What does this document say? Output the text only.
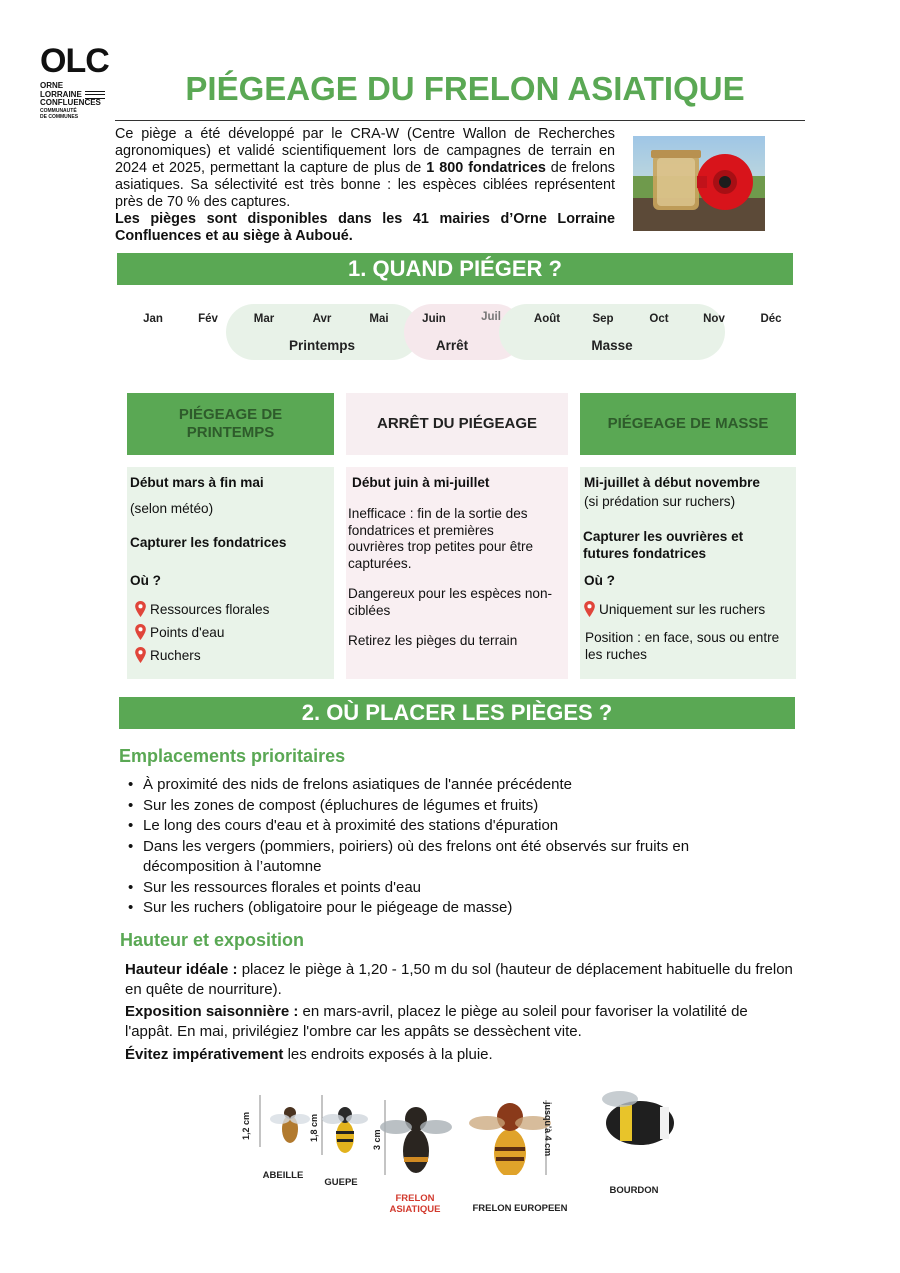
OLC
ORNE
LORRAINE
CONFLUENCES
COMMUNAUTÉ
DE COMMUNES
PIÉGEAGE DU FRELON ASIATIQUE

Ce piège a été développé par le CRA-W (Centre Wallon de Recherches agronomiques) et validé scientifiquement lors de campagnes de terrain en 2024 et 2025, permettant la capture de plus de 1 800 fondatrices de frelons asiatiques. Sa sélectivité est très bonne : les espèces ciblées représentent près de 70 % des captures.

Les pièges sont disponibles dans les 41 mairies d’Orne Lorraine Confluences et au siège à Auboué.

1. QUAND PIÉGER ?
Jan	Fév	Mar	Avr	Mai	Juin	Juil	Août	Sep	Oct	Nov	Déc
Printemps	Arrêt	Masse
PIÉGEAGE DE PRINTEMPS
ARRÊT DU PIÉGEAGE	PIÉGEAGE DE MASSE
Début mars à fin mai
(selon météo)
Capturer les fondatrices
Où ?
Ressources florales
Points d'eau
Ruchers
Début juin à mi-juillet
Inefficace : fin de la sortie des fondatrices et premières ouvrières trop petites pour être capturées.
Dangereux pour les espèces non-ciblées
Retirez les pièges du terrain
Mi-juillet à début novembre
(si prédation sur ruchers)
Capturer les ouvrières et futures fondatrices
Où ?
Uniquement sur les ruchers
Position : en face, sous ou entre les ruches
2. OÙ PLACER LES PIÈGES ?
Emplacements prioritaires
• À proximité des nids de frelons asiatiques de l'année précédente
• Sur les zones de compost (épluchures de légumes et fruits)
• Le long des cours d'eau et à proximité des stations d'épuration
• Dans les vergers (pommiers, poiriers) où des frelons ont été observés sur fruits en décomposition à l’automne
• Sur les ressources florales et points d'eau
• Sur les ruchers (obligatoire pour le piégeage de masse)
Hauteur et exposition
Hauteur idéale : placez le piège à 1,20 - 1,50 m du sol (hauteur de déplacement habituelle du frelon en quête de nourriture).
Exposition saisonnière : en mars-avril, placez le piège au soleil pour favoriser la volatilité de l'appât. En mai, privilégiez l'ombre car les appâts se dessèchent vite.
Évitez impérativement les endroits exposés à la pluie.
1,2 cm	1,8 cm	3 cm	jusqu'à 4 cm
ABEILLE
GUEPE
FRELON ASIATIQUE	FRELON EUROPEEN
BOURDON
